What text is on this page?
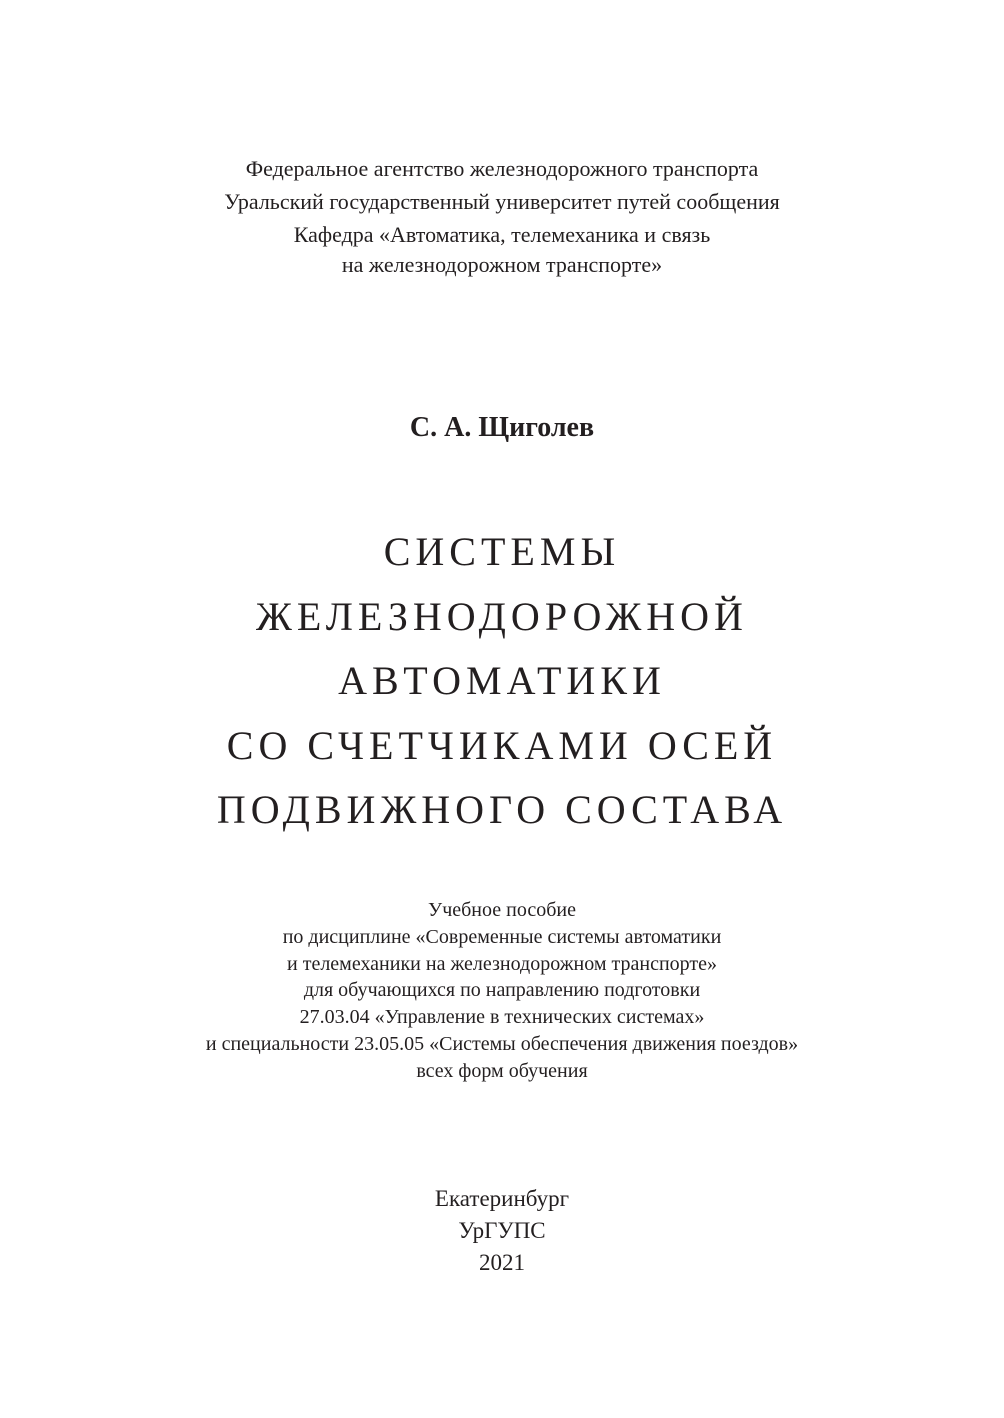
Федеральное агентство железнодорожного транспорта
Уральский государственный университет путей сообщения
Кафедра «Автоматика, телемеханика и связь
на железнодорожном транспорте»
С. А. Щиголев
СИСТЕМЫ
ЖЕЛЕЗНОДОРОЖНОЙ
АВТОМАТИКИ
СО СЧЕТЧИКАМИ ОСЕЙ
ПОДВИЖНОГО СОСТАВА
Учебное пособие
по дисциплине «Современные системы автоматики
и телемеханики на железнодорожном транспорте»
для обучающихся по направлению подготовки
27.03.04 «Управление в технических системах»
и специальности 23.05.05 «Системы обеспечения движения поездов»
всех форм обучения
Екатеринбург
УрГУПС
2021
